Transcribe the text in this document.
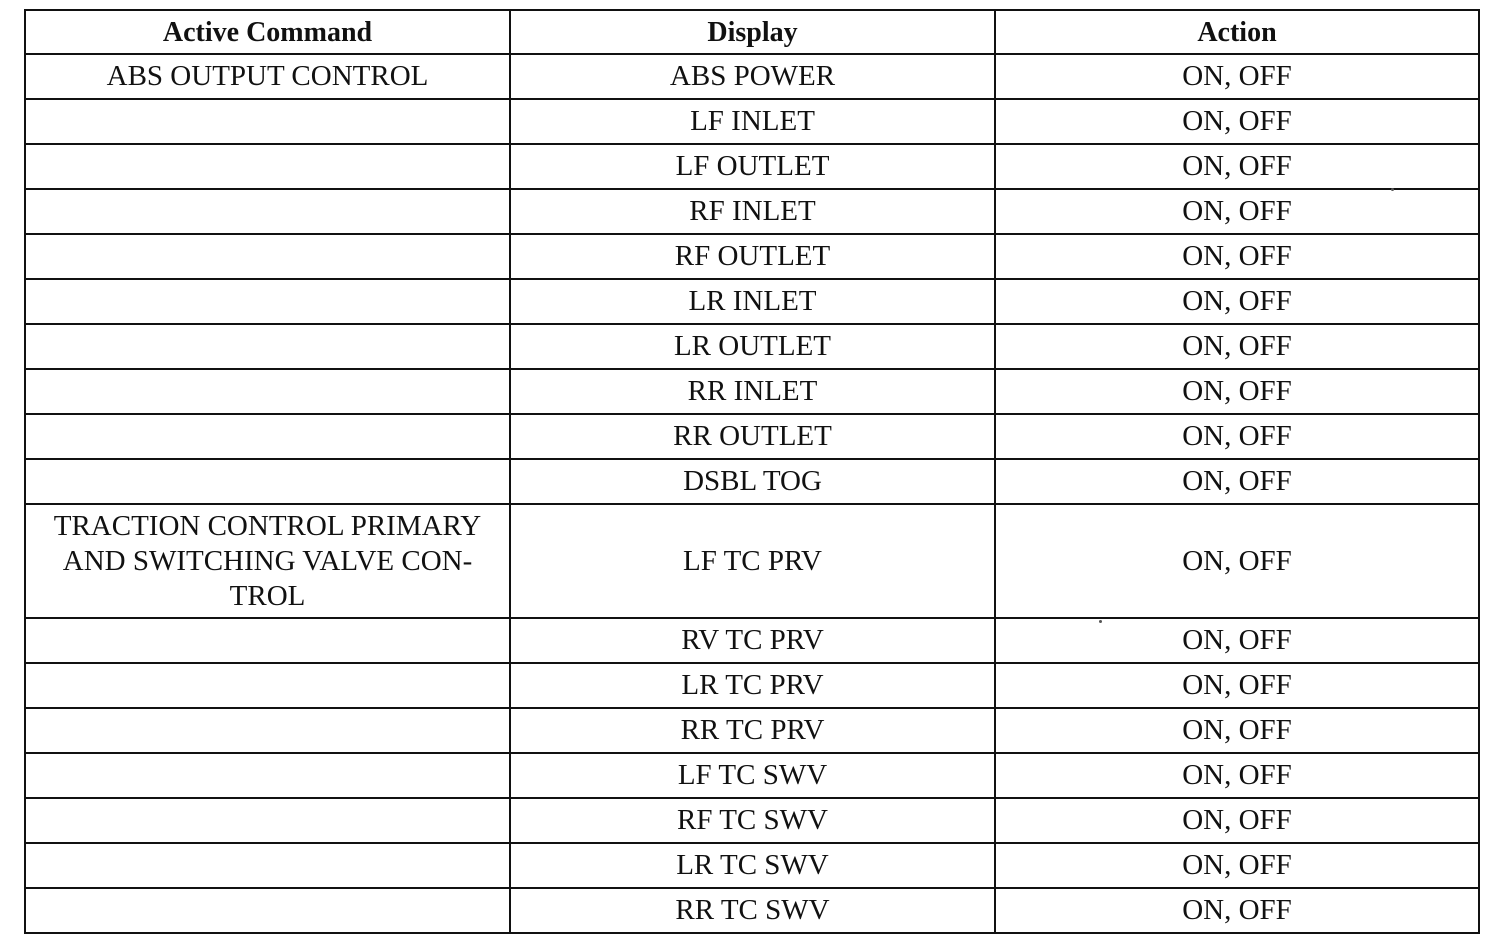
Active Command	Display	Action
ABS OUTPUT CONTROL	ABS POWER	ON, OFF
	LF INLET	ON, OFF
	LF OUTLET	ON, OFF
	RF INLET	ON, OFF
	RF OUTLET	ON, OFF
	LR INLET	ON, OFF
	LR OUTLET	ON, OFF
	RR INLET	ON, OFF
	RR OUTLET	ON, OFF
	DSBL TOG	ON, OFF
TRACTION CONTROL PRIMARY AND SWITCHING VALVE CON- TROL	LF TC PRV	ON, OFF
	RV TC PRV	ON, OFF
	LR TC PRV	ON, OFF
	RR TC PRV	ON, OFF
	LF TC SWV	ON, OFF
	RF TC SWV	ON, OFF
	LR TC SWV	ON, OFF
	RR TC SWV	ON, OFF
